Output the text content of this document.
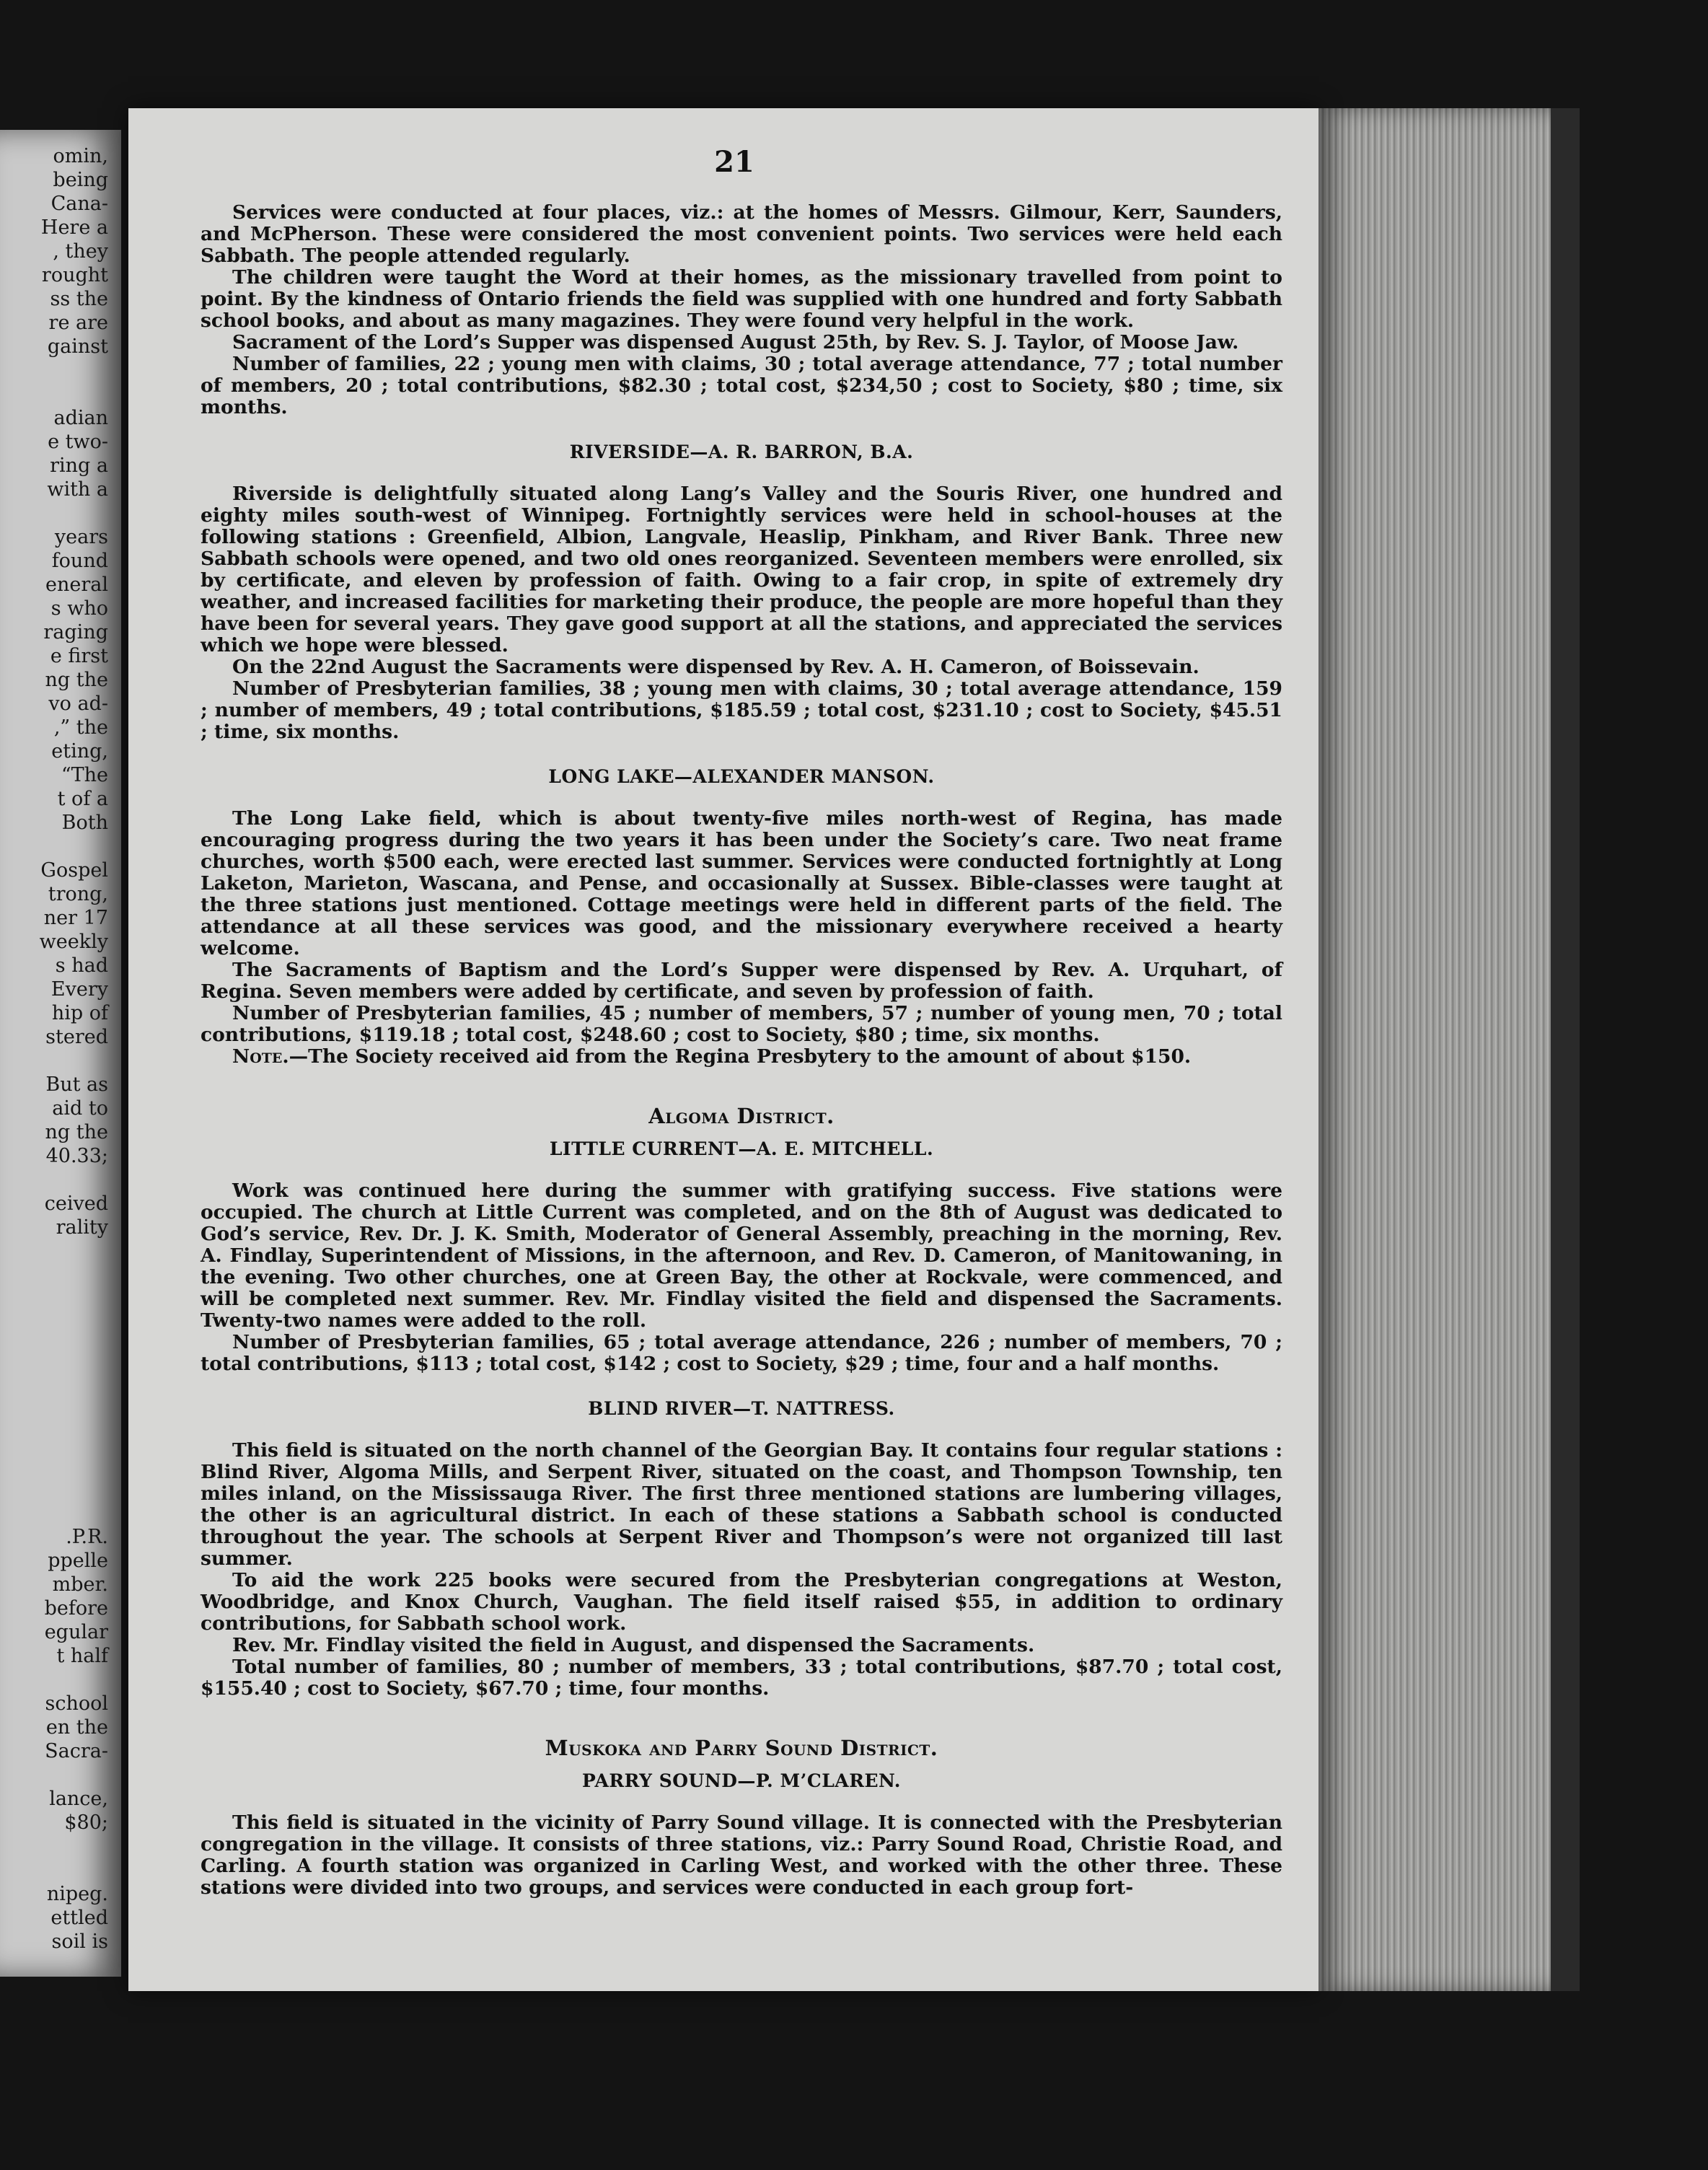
omin,
being
Cana-
Here a
, they
rought
ss the
re are
gainst
adian
e two-
ring a
with a
years
found
eneral
s who
raging
e first
ng the
vo ad-
,” the
eting,
“The
t of a
Both
Gospel
trong,
ner 17
weekly
s had
Every
hip of
stered
But as
aid to
ng the
40.33;
ceived
rality
.P.R.
ppelle
mber.
before
egular
t half
school
en the
Sacra-
lance,
$80;
nipeg.
ettled
soil is
21

Services were conducted at four places, viz.: at the homes of Messrs. Gilmour, Kerr, Saunders, and McPherson. These were considered the most convenient points. Two services were held each Sabbath. The people attended regularly.

The children were taught the Word at their homes, as the missionary travelled from point to point. By the kindness of Ontario friends the field was supplied with one hundred and forty Sabbath school books, and about as many magazines. They were found very helpful in the work.

Sacrament of the Lord’s Supper was dispensed August 25th, by Rev. S. J. Taylor, of Moose Jaw.

Number of families, 22 ; young men with claims, 30 ; total average attendance, 77 ; total number of members, 20 ; total contributions, $82.30 ; total cost, $234,50 ; cost to Society, $80 ; time, six months.

RIVERSIDE—A. R. BARRON, B.A.

Riverside is delightfully situated along Lang’s Valley and the Souris River, one hundred and eighty miles south-west of Winnipeg. Fortnightly services were held in school-houses at the following stations : Greenfield, Albion, Langvale, Heaslip, Pinkham, and River Bank. Three new Sabbath schools were opened, and two old ones reorganized. Seventeen members were enrolled, six by certificate, and eleven by profession of faith. Owing to a fair crop, in spite of extremely dry weather, and increased facilities for marketing their produce, the people are more hopeful than they have been for several years. They gave good support at all the stations, and appreciated the services which we hope were blessed.

On the 22nd August the Sacraments were dispensed by Rev. A. H. Cameron, of Boissevain.

Number of Presbyterian families, 38 ; young men with claims, 30 ; total average attendance, 159 ; number of members, 49 ; total contributions, $185.59 ; total cost, $231.10 ; cost to Society, $45.51 ; time, six months.

LONG LAKE—ALEXANDER MANSON.

The Long Lake field, which is about twenty-five miles north-west of Regina, has made encouraging progress during the two years it has been under the Society’s care. Two neat frame churches, worth $500 each, were erected last summer. Services were conducted fortnightly at Long Laketon, Marieton, Wascana, and Pense, and occasionally at Sussex. Bible-classes were taught at the three stations just mentioned. Cottage meetings were held in different parts of the field. The attendance at all these services was good, and the missionary everywhere received a hearty welcome.

The Sacraments of Baptism and the Lord’s Supper were dispensed by Rev. A. Urquhart, of Regina. Seven members were added by certificate, and seven by profession of faith.

Number of Presbyterian families, 45 ; number of members, 57 ; number of young men, 70 ; total contributions, $119.18 ; total cost, $248.60 ; cost to Society, $80 ; time, six months.

Note.—The Society received aid from the Regina Presbytery to the amount of about $150.

Algoma District.
LITTLE CURRENT—A. E. MITCHELL.

Work was continued here during the summer with gratifying success. Five stations were occupied. The church at Little Current was completed, and on the 8th of August was dedicated to God’s service, Rev. Dr. J. K. Smith, Moderator of General Assembly, preaching in the morning, Rev. A. Findlay, Superintendent of Missions, in the afternoon, and Rev. D. Cameron, of Manitowaning, in the evening. Two other churches, one at Green Bay, the other at Rockvale, were commenced, and will be completed next summer. Rev. Mr. Findlay visited the field and dispensed the Sacraments. Twenty-two names were added to the roll.

Number of Presbyterian families, 65 ; total average attendance, 226 ; number of members, 70 ; total contributions, $113 ; total cost, $142 ; cost to Society, $29 ; time, four and a half months.

BLIND RIVER—T. NATTRESS.

This field is situated on the north channel of the Georgian Bay. It contains four regular stations : Blind River, Algoma Mills, and Serpent River, situated on the coast, and Thompson Township, ten miles inland, on the Mississauga River. The first three mentioned stations are lumbering villages, the other is an agricultural district. In each of these stations a Sabbath school is conducted throughout the year. The schools at Serpent River and Thompson’s were not organized till last summer.

To aid the work 225 books were secured from the Presbyterian congregations at Weston, Woodbridge, and Knox Church, Vaughan. The field itself raised $55, in addition to ordinary contributions, for Sabbath school work.

Rev. Mr. Findlay visited the field in August, and dispensed the Sacraments.

Total number of families, 80 ; number of members, 33 ; total contributions, $87.70 ; total cost, $155.40 ; cost to Society, $67.70 ; time, four months.

Muskoka and Parry Sound District.
PARRY SOUND—P. M’CLAREN.

This field is situated in the vicinity of Parry Sound village. It is connected with the Presbyterian congregation in the village. It consists of three stations, viz.: Parry Sound Road, Christie Road, and Carling. A fourth station was organized in Carling West, and worked with the other three. These stations were divided into two groups, and services were conducted in each group fort-
